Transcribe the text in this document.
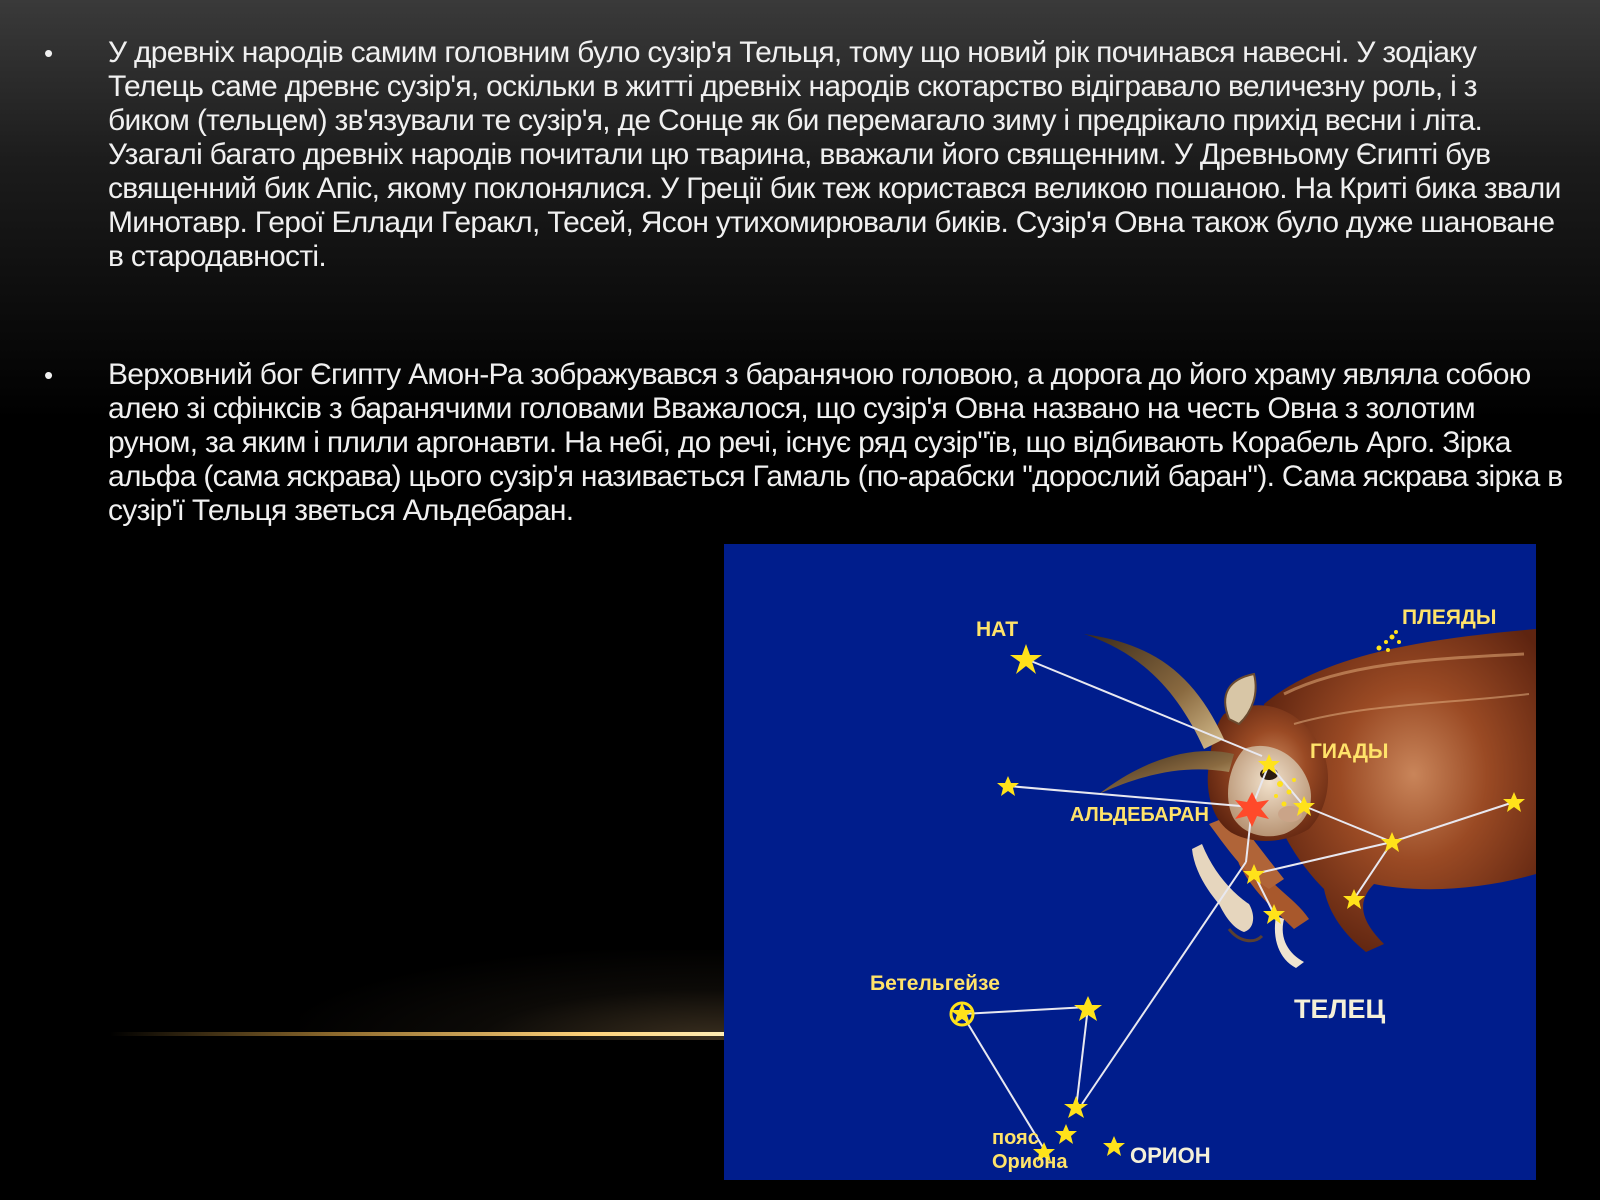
•	У древніх народів самим головним було сузір'я Тельця, тому що новий рік починався навесні. У зодіаку Телець саме древнє сузір'я, оскільки в житті древніх народів скотарство відігравало величезну роль, і з биком (тельцем) зв'язували те сузір'я, де Сонце як би перемагало зиму і предрікало прихід весни і літа. Узагалі багато древніх народів почитали цю тварина, вважали його священним. У Древньому Єгипті був священний бик Апіс, якому поклонялися. У Греції бик теж користався великою пошаною. На Криті бика звали Минотавр. Герої Еллади Геракл, Тесей, Ясон утихомирювали биків. Сузір'я Овна також було дуже шановане в стародавності.
•	Верховний бог Єгипту Амон-Ра зображувався з баранячою головою, а дорога до його храму являла собою алею зі сфінксів з баранячими головами Вважалося, що сузір'я Овна названо на честь Овна з золотим руном, за яким і плили аргонавти. На небі, до речі, існує ряд сузір"їв, що відбивають Корабель Арго. Зірка альфа (сама яскрава) цього сузір'я називається Гамаль (по-арабски "дорослий баран"). Сама яскрава зірка в сузір'ї Тельця зветься Альдебаран.
НАТ
ПЛЕЯДЫ
ГИАДЫ
АЛЬДЕБАРАН
Бетельгейзе
ТЕЛЕЦ
пояс
Ориона	ОРИОН
